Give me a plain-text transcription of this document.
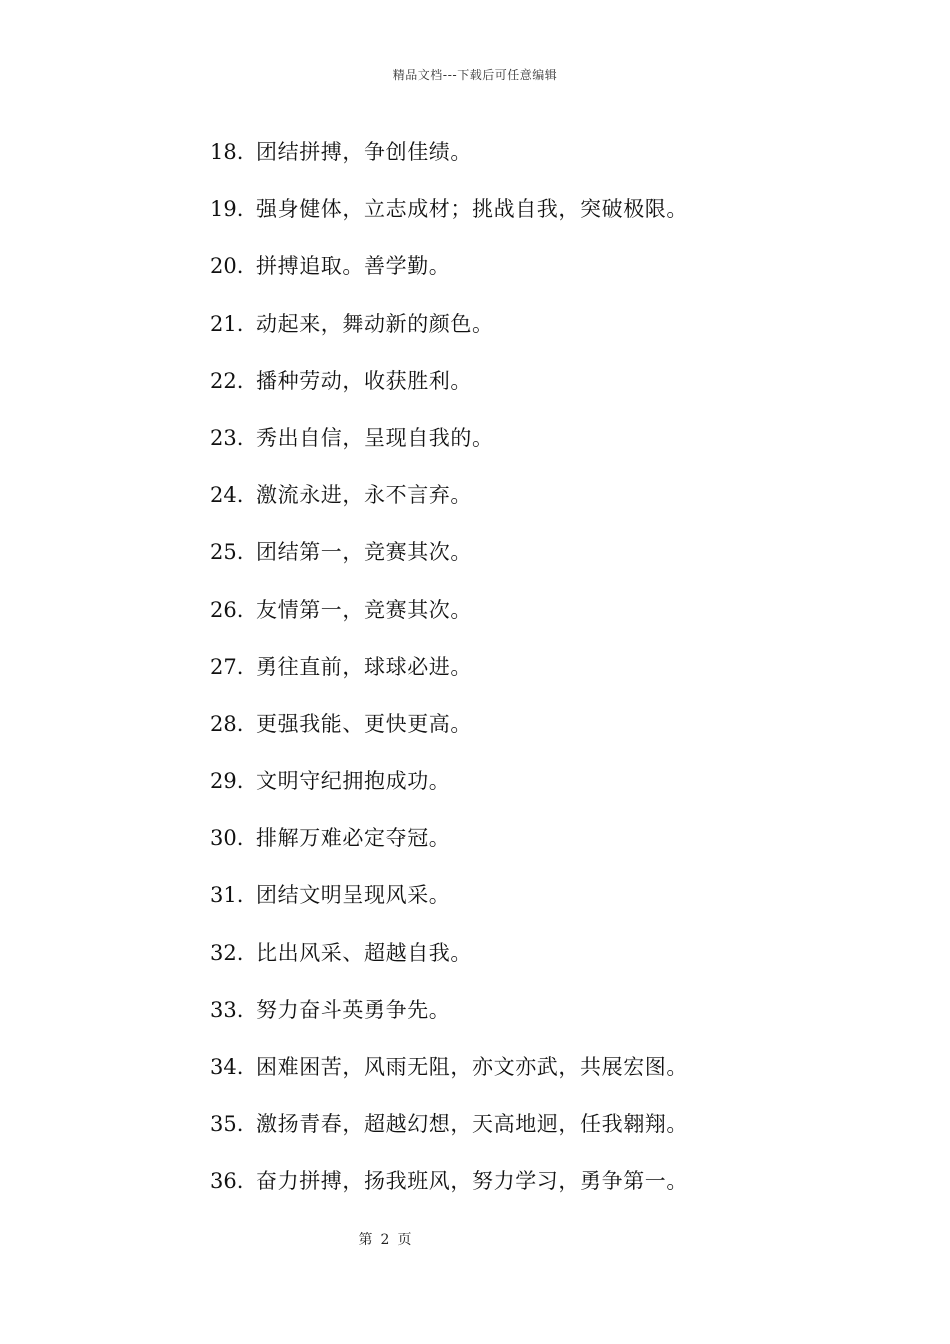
精品文档---下载后可任意编辑
18. 团结拼搏，争创佳绩。
19. 强身健体，立志成材；挑战自我，突破极限。
20. 拼搏追取。善学勤。
21. 动起来，舞动新的颜色。
22. 播种劳动，收获胜利。
23. 秀出自信，呈现自我的。
24. 激流永进，永不言弃。
25. 团结第一，竞赛其次。
26. 友情第一，竞赛其次。
27. 勇往直前，球球必进。
28. 更强我能、更快更高。
29. 文明守纪拥抱成功。
30. 排解万难必定夺冠。
31. 团结文明呈现风采。
32. 比出风采、超越自我。
33. 努力奋斗英勇争先。
34. 困难困苦，风雨无阻，亦文亦武，共展宏图。
35. 激扬青春，超越幻想，天高地迥，任我翱翔。
36. 奋力拼搏，扬我班风，努力学习，勇争第一。
第 2 页
